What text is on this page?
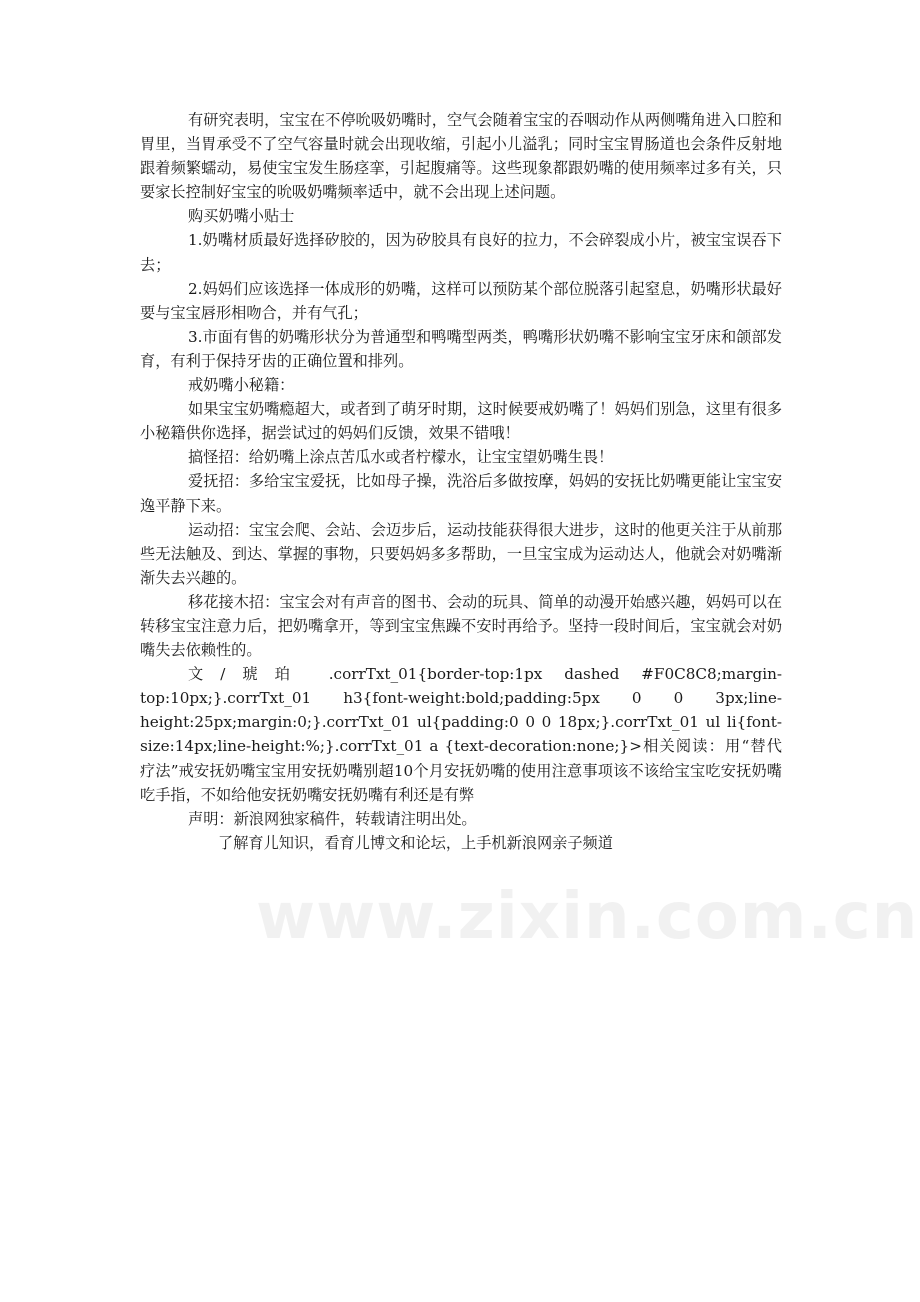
有研究表明，宝宝在不停吮吸奶嘴时，空气会随着宝宝的吞咽动作从两侧嘴角进入口腔和胃里，当胃承受不了空气容量时就会出现收缩，引起小儿溢乳；同时宝宝胃肠道也会条件反射地跟着频繁蠕动，易使宝宝发生肠痉挛，引起腹痛等。这些现象都跟奶嘴的使用频率过多有关，只要家长控制好宝宝的吮吸奶嘴频率适中，就不会出现上述问题。

购买奶嘴小贴士

1.奶嘴材质最好选择矽胶的，因为矽胶具有良好的拉力，不会碎裂成小片，被宝宝误吞下去；

2.妈妈们应该选择一体成形的奶嘴，这样可以预防某个部位脱落引起窒息，奶嘴形状最好要与宝宝唇形相吻合，并有气孔；

3.市面有售的奶嘴形状分为普通型和鸭嘴型两类，鸭嘴形状奶嘴不影响宝宝牙床和颌部发育，有利于保持牙齿的正确位置和排列。

戒奶嘴小秘籍：

如果宝宝奶嘴瘾超大，或者到了萌牙时期，这时候要戒奶嘴了！妈妈们别急，这里有很多小秘籍供你选择，据尝试过的妈妈们反馈，效果不错哦！

搞怪招：给奶嘴上涂点苦瓜水或者柠檬水，让宝宝望奶嘴生畏！

爱抚招：多给宝宝爱抚，比如母子操，洗浴后多做按摩，妈妈的安抚比奶嘴更能让宝宝安逸平静下来。

运动招：宝宝会爬、会站、会迈步后，运动技能获得很大进步，这时的他更关注于从前那些无法触及、到达、掌握的事物，只要妈妈多多帮助，一旦宝宝成为运动达人，他就会对奶嘴渐渐失去兴趣的。

移花接木招：宝宝会对有声音的图书、会动的玩具、简单的动漫开始感兴趣，妈妈可以在转移宝宝注意力后，把奶嘴拿开，等到宝宝焦躁不安时再给予。坚持一段时间后，宝宝就会对奶嘴失去依赖性的。

文/琥珀 .corrTxt_01{border-top:1px dashed #F0C8C8;margin-top:10px;}.corrTxt_01 h3{font-weight:bold;padding:5px 0 0 3px;line-height:25px;margin:0;}.corrTxt_01 ul{padding:0 0 0 18px;}.corrTxt_01 ul li{font-size:14px;line-height:%;}.corrTxt_01 a {text-decoration:none;}>相关阅读：用“替代疗法”戒安抚奶嘴宝宝用安抚奶嘴别超10个月安抚奶嘴的使用注意事项该不该给宝宝吃安抚奶嘴吃手指，不如给他安抚奶嘴安抚奶嘴有利还是有弊

声明：新浪网独家稿件，转载请注明出处。

了解育儿知识，看育儿博文和论坛，上手机新浪网亲子频道

www.zixin.com.cn
